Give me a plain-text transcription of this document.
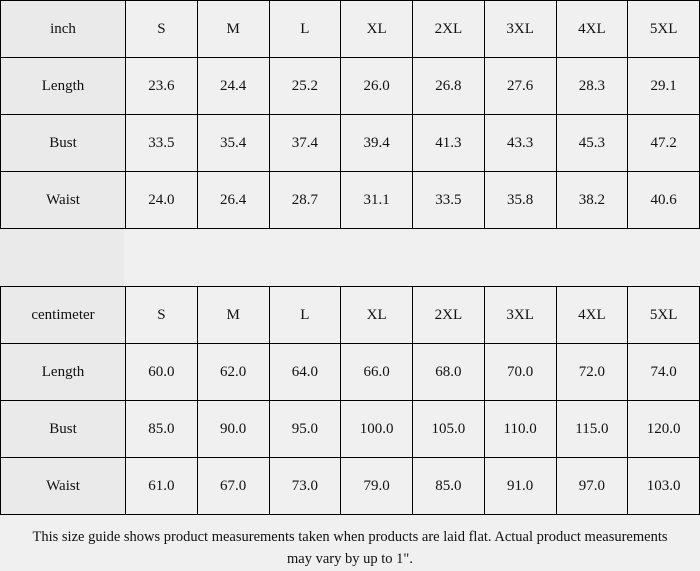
inch	S	M	L	XL	2XL	3XL	4XL	5XL
Length	23.6	24.4	25.2	26.0	26.8	27.6	28.3	29.1
Bust	33.5	35.4	37.4	39.4	41.3	43.3	45.3	47.2
Waist	24.0	26.4	28.7	31.1	33.5	35.8	38.2	40.6
centimeter	S	M	L	XL	2XL	3XL	4XL	5XL
Length	60.0	62.0	64.0	66.0	68.0	70.0	72.0	74.0
Bust	85.0	90.0	95.0	100.0	105.0	110.0	115.0	120.0
Waist	61.0	67.0	73.0	79.0	85.0	91.0	97.0	103.0
This size guide shows product measurements taken when products are laid flat. Actual product measurements may vary by up to 1".
